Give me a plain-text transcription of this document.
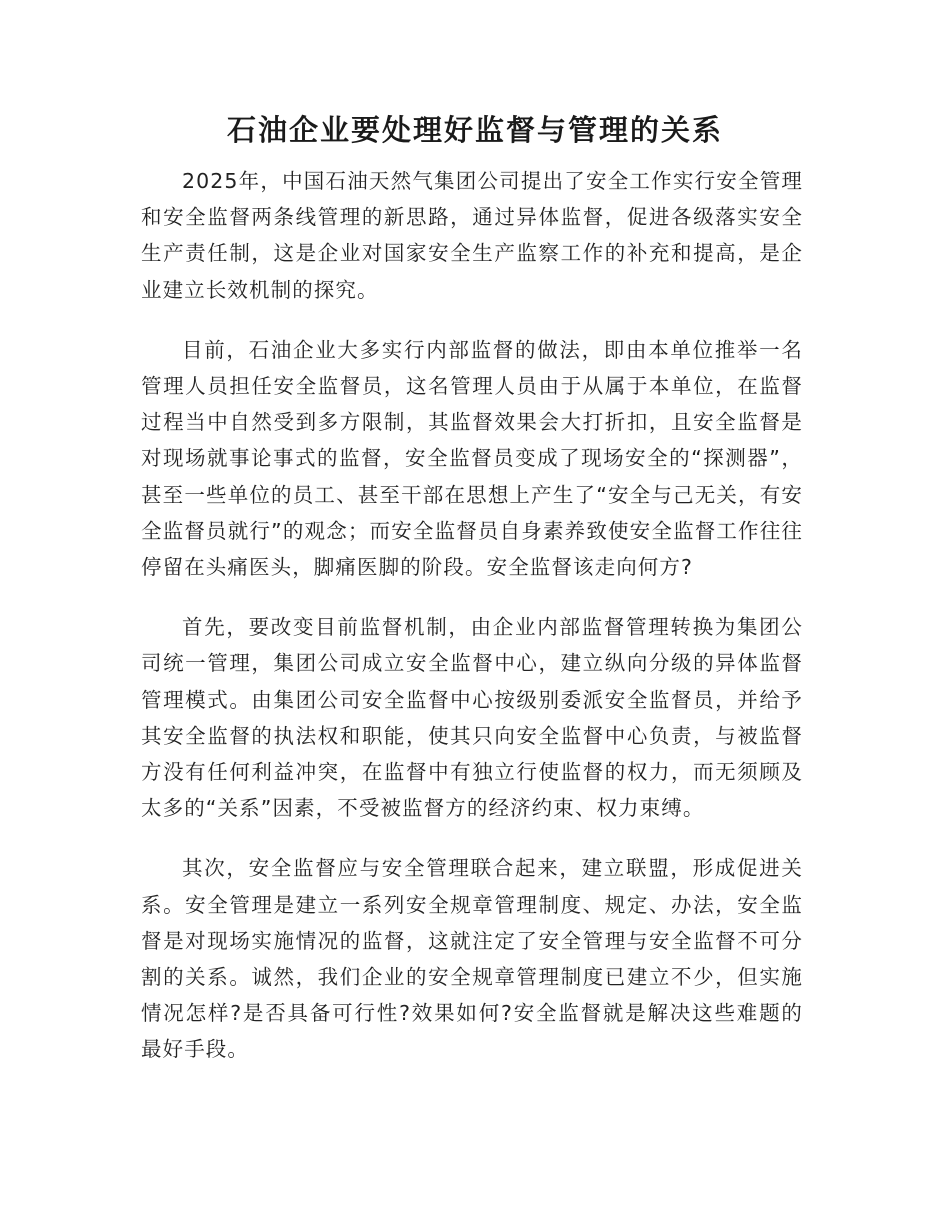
石油企业要处理好监督与管理的关系

2025年，中国石油天然气集团公司提出了安全工作实行安全管理和安全监督两条线管理的新思路，通过异体监督，促进各级落实安全生产责任制，这是企业对国家安全生产监察工作的补充和提高，是企业建立长效机制的探究。

目前，石油企业大多实行内部监督的做法，即由本单位推举一名管理人员担任安全监督员，这名管理人员由于从属于本单位，在监督过程当中自然受到多方限制，其监督效果会大打折扣，且安全监督是对现场就事论事式的监督，安全监督员变成了现场安全的“探测器”，甚至一些单位的员工、甚至干部在思想上产生了“安全与己无关，有安全监督员就行”的观念；而安全监督员自身素养致使安全监督工作往往停留在头痛医头，脚痛医脚的阶段。安全监督该走向何方?

首先，要改变目前监督机制，由企业内部监督管理转换为集团公司统一管理，集团公司成立安全监督中心，建立纵向分级的异体监督管理模式。由集团公司安全监督中心按级别委派安全监督员，并给予其安全监督的执法权和职能，使其只向安全监督中心负责，与被监督方没有任何利益冲突，在监督中有独立行使监督的权力，而无须顾及太多的“关系”因素，不受被监督方的经济约束、权力束缚。

其次，安全监督应与安全管理联合起来，建立联盟，形成促进关系。安全管理是建立一系列安全规章管理制度、规定、办法，安全监督是对现场实施情况的监督，这就注定了安全管理与安全监督不可分割的关系。诚然，我们企业的安全规章管理制度已建立不少，但实施情况怎样?是否具备可行性?效果如何?安全监督就是解决这些难题的最好手段。
